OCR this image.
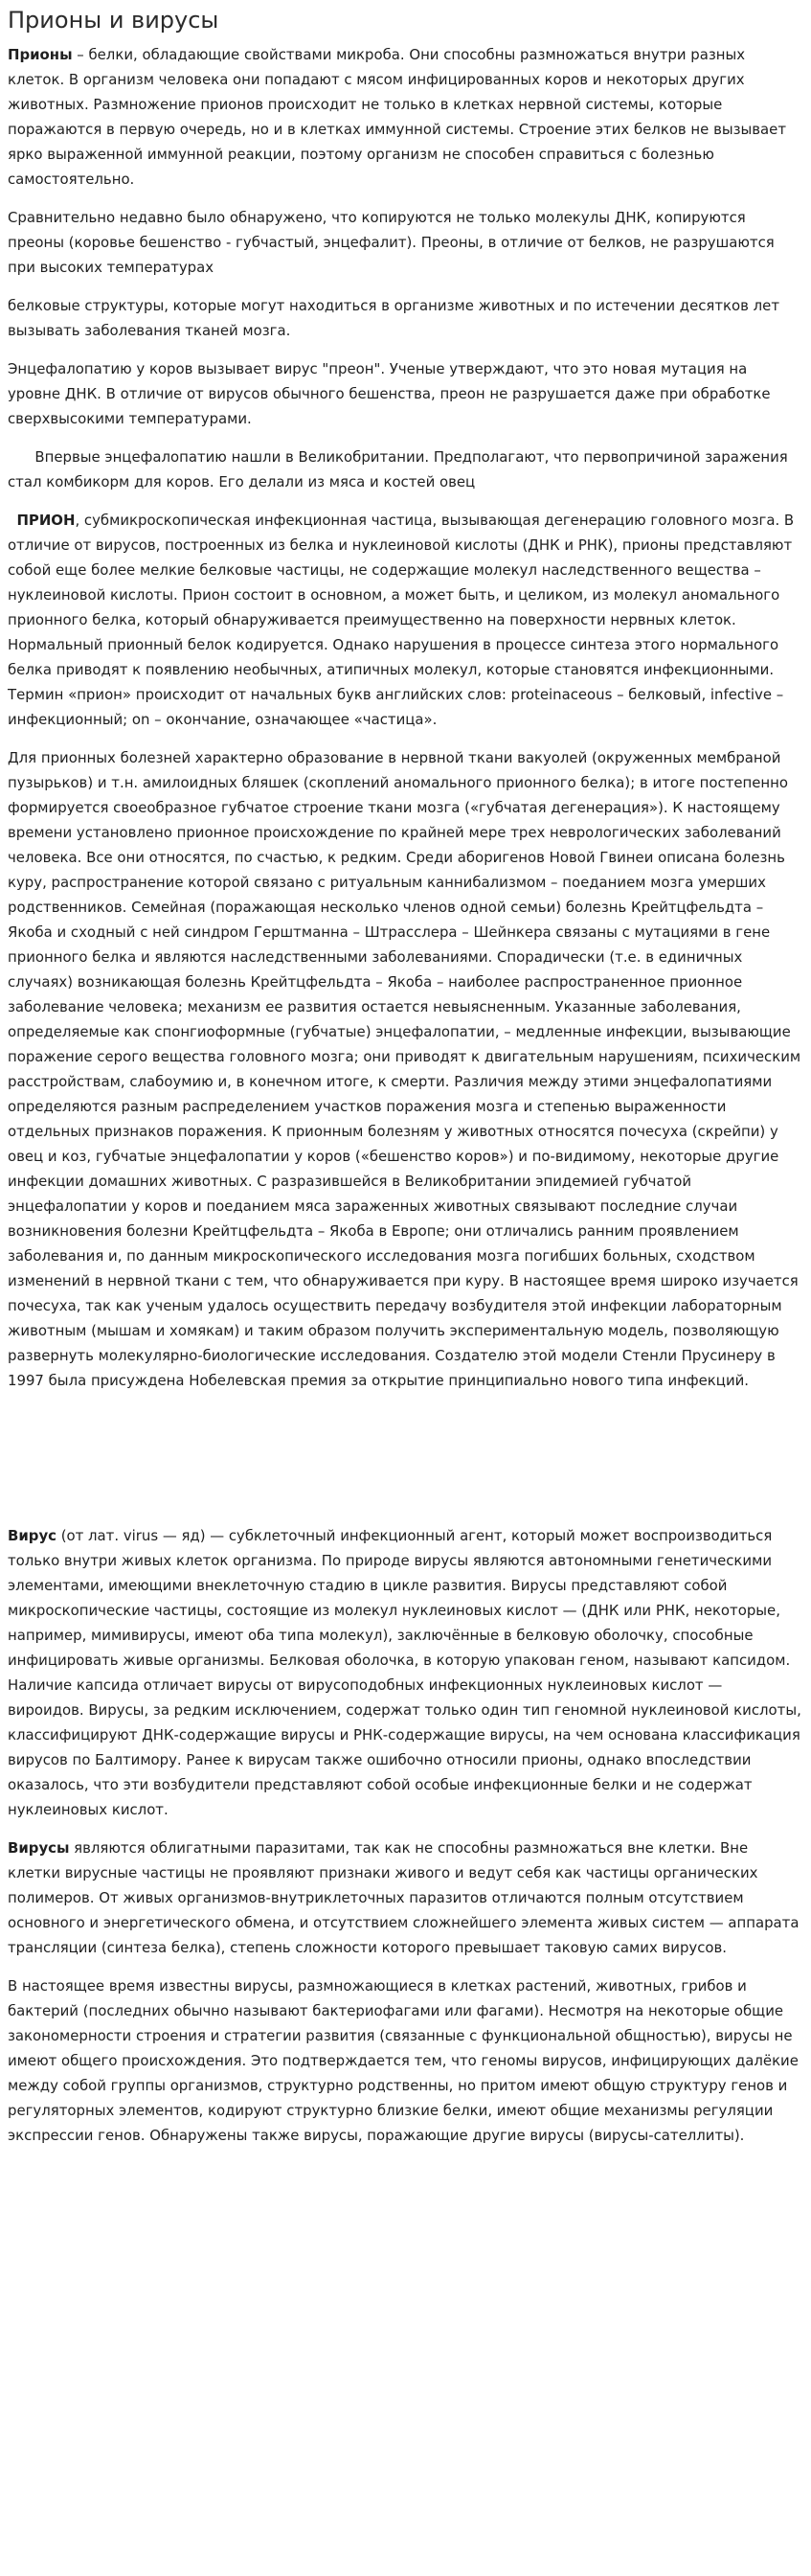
Прионы и вирусы

Прионы – белки, обладающие свойствами микроба. Они способны размножаться внутри разных клеток. В организм человека они попадают с мясом инфицированных коров и некоторых других животных. Размножение прионов происходит не только в клетках нервной системы, которые поражаются в первую очередь, но и в клетках иммунной системы. Строение этих белков не вызывает ярко выраженной иммунной реакции, поэтому организм не способен справиться с болезнью самостоятельно.

Сравнительно недавно было обнаружено, что копируются не только молекулы ДНК, копируются преоны (коровье бешенство - губчастый, энцефалит). Преоны, в отличие от белков, не разрушаются при высоких температурах

белковые структуры, которые могут находиться в организме животных и по истечении десятков лет вызывать заболевания тканей мозга.

Энцефалопатию у коров вызывает вирус "преон". Ученые утверждают, что это новая мутация на уровне ДНК. В отличие от вирусов обычного бешенства, преон не разрушается даже при обработке сверхвысокими температурами.

Впервые энцефалопатию нашли в Великобритании. Предполагают, что первопричиной заражения стал комбикорм для коров. Его делали из мяса и костей овец

ПРИОН, субмикроскопическая инфекционная частица, вызывающая дегенерацию головного мозга. В отличие от вирусов, построенных из белка и нуклеиновой кислоты (ДНК и РНК), прионы представляют собой еще более мелкие белковые частицы, не содержащие молекул наследственного вещества – нуклеиновой кислоты. Прион состоит в основном, а может быть, и целиком, из молекул аномального прионного белка, который обнаруживается преимущественно на поверхности нервных клеток. Нормальный прионный белок кодируется. Однако нарушения в процессе синтеза этого нормального белка приводят к появлению необычных, атипичных молекул, которые становятся инфекционными. Термин «прион» происходит от начальных букв английских слов: proteinaceous – белковый, infective – инфекционный; on – окончание, означающее «частица».

Для прионных болезней характерно образование в нервной ткани вакуолей (окруженных мембраной пузырьков) и т.н. амилоидных бляшек (скоплений аномального прионного белка); в итоге постепенно формируется своеобразное губчатое строение ткани мозга («губчатая дегенерация»). К настоящему времени установлено прионное происхождение по крайней мере трех неврологических заболеваний человека. Все они относятся, по счастью, к редким. Среди аборигенов Новой Гвинеи описана болезнь куру, распространение которой связано с ритуальным каннибализмом – поеданием мозга умерших родственников. Семейная (поражающая несколько членов одной семьи) болезнь Крейтцфельдта – Якоба и сходный с ней синдром Герштманна – Штрасслера – Шейнкера связаны с мутациями в гене прионного белка и являются наследственными заболеваниями. Спорадически (т.е. в единичных случаях) возникающая болезнь Крейтцфельдта – Якоба – наиболее распространенное прионное заболевание человека; механизм ее развития остается невыясненным. Указанные заболевания, определяемые как спонгиоформные (губчатые) энцефалопатии, – медленные инфекции, вызывающие поражение серого вещества головного мозга; они приводят к двигательным нарушениям, психическим расстройствам, слабоумию и, в конечном итоге, к смерти. Различия между этими энцефалопатиями определяются разным распределением участков поражения мозга и степенью выраженности отдельных признаков поражения. К прионным болезням у животных относятся почесуха (скрейпи) у овец и коз, губчатые энцефалопатии у коров («бешенство коров») и по-видимому, некоторые другие инфекции домашних животных. С разразившейся в Великобритании эпидемией губчатой энцефалопатии у коров и поеданием мяса зараженных животных связывают последние случаи возникновения болезни Крейтцфельдта – Якоба в Европе; они отличались ранним проявлением заболевания и, по данным микроскопического исследования мозга погибших больных, сходством изменений в нервной ткани с тем, что обнаруживается при куру. В настоящее время широко изучается почесуха, так как ученым удалось осуществить передачу возбудителя этой инфекции лабораторным животным (мышам и хомякам) и таким образом получить экспериментальную модель, позволяющую развернуть молекулярно-биологические исследования. Создателю этой модели Стенли Прусинеру в 1997 была присуждена Нобелевская премия за открытие принципиально нового типа инфекций.

Вирус (от лат. virus — яд) — субклеточный инфекционный агент, который может воспроизводиться только внутри живых клеток организма. По природе вирусы являются автономными генетическими элементами, имеющими внеклеточную стадию в цикле развития. Вирусы представляют собой микроскопические частицы, состоящие из молекул нуклеиновых кислот — (ДНК или РНК, некоторые, например, мимивирусы, имеют оба типа молекул), заключённые в белковую оболочку, способные инфицировать живые организмы. Белковая оболочка, в которую упакован геном, называют капсидом. Наличие капсида отличает вирусы от вирусоподобных инфекционных нуклеиновых кислот — вироидов. Вирусы, за редким исключением, содержат только один тип геномной нуклеиновой кислоты, классифицируют ДНК-содержащие вирусы и РНК-содержащие вирусы, на чем основана классификация вирусов по Балтимору. Ранее к вирусам также ошибочно относили прионы, однако впоследствии оказалось, что эти возбудители представляют собой особые инфекционные белки и не содержат нуклеиновых кислот.

Вирусы являются облигатными паразитами, так как не способны размножаться вне клетки. Вне клетки вирусные частицы не проявляют признаки живого и ведут себя как частицы органических полимеров. От живых организмов-внутриклеточных паразитов отличаются полным отсутствием основного и энергетического обмена, и отсутствием сложнейшего элемента живых систем — аппарата трансляции (синтеза белка), степень сложности которого превышает таковую самих вирусов.

В настоящее время известны вирусы, размножающиеся в клетках растений, животных, грибов и бактерий (последних обычно называют бактериофагами или фагами). Несмотря на некоторые общие закономерности строения и стратегии развития (связанные с функциональной общностью), вирусы не имеют общего происхождения. Это подтверждается тем, что геномы вирусов, инфицирующих далёкие между собой группы организмов, структурно родственны, но притом имеют общую структуру генов и регуляторных элементов, кодируют структурно близкие белки, имеют общие механизмы регуляции экспрессии генов. Обнаружены также вирусы, поражающие другие вирусы (вирусы-сателлиты).
